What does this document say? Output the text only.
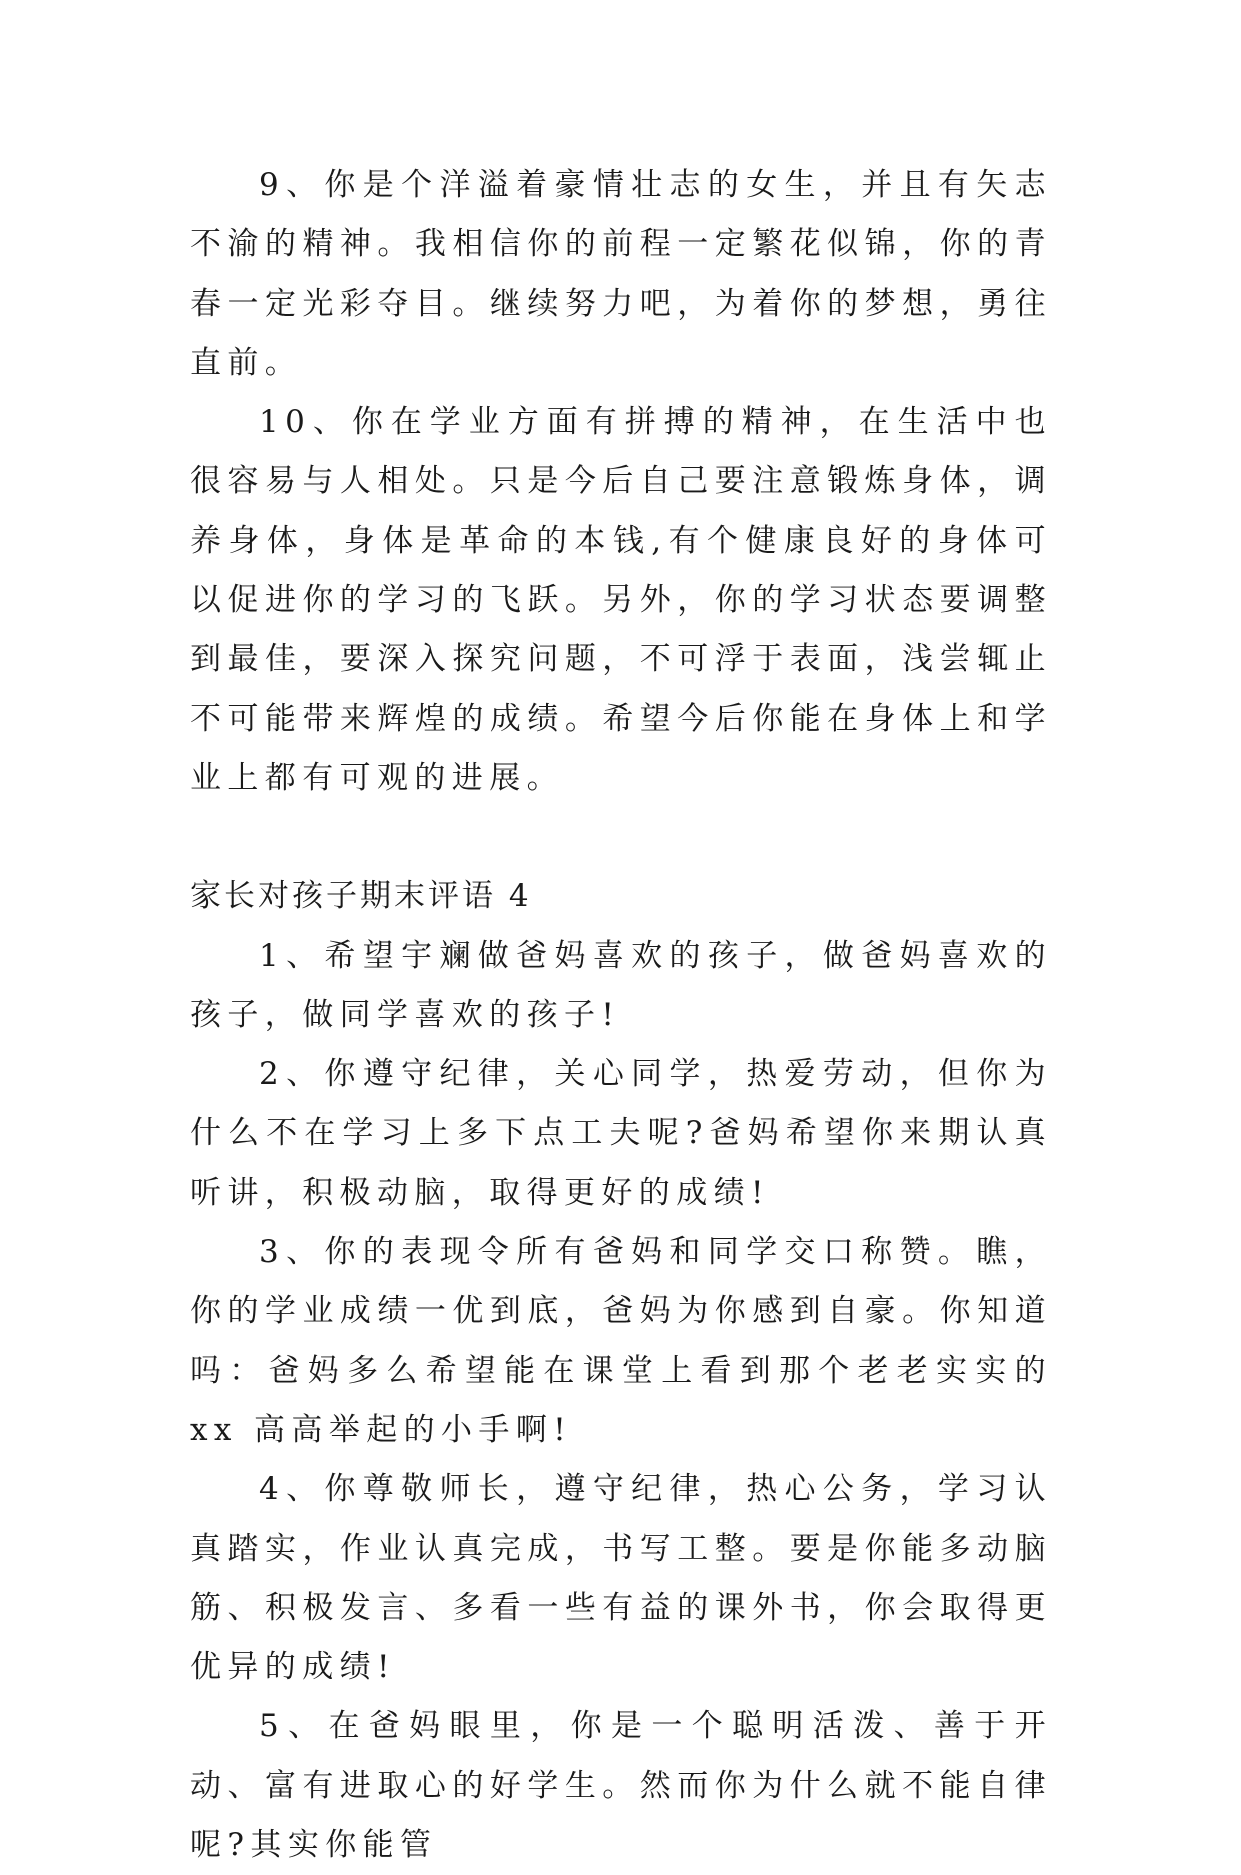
9、你是个洋溢着豪情壮志的女生，并且有矢志不渝的精神。我相信你的前程一定繁花似锦，你的青春一定光彩夺目。继续努力吧，为着你的梦想，勇往直前。

10、你在学业方面有拼搏的精神，在生活中也很容易与人相处。只是今后自己要注意锻炼身体，调养身体，身体是革命的本钱,有个健康良好的身体可以促进你的学习的飞跃。另外，你的学习状态要调整到最佳，要深入探究问题，不可浮于表面，浅尝辄止不可能带来辉煌的成绩。希望今后你能在身体上和学业上都有可观的进展。

家长对孩子期末评语 4

1、希望宇斓做爸妈喜欢的孩子，做爸妈喜欢的孩子，做同学喜欢的孩子!

2、你遵守纪律，关心同学，热爱劳动，但你为什么不在学习上多下点工夫呢?爸妈希望你来期认真听讲，积极动脑，取得更好的成绩!

3、你的表现令所有爸妈和同学交口称赞。瞧，你的学业成绩一优到底，爸妈为你感到自豪。你知道吗：爸妈多么希望能在课堂上看到那个老老实实的 xx 高高举起的小手啊!

4、你尊敬师长，遵守纪律，热心公务，学习认真踏实，作业认真完成，书写工整。要是你能多动脑筋、积极发言、多看一些有益的课外书，你会取得更优异的成绩!

5、在爸妈眼里，你是一个聪明活泼、善于开动、富有进取心的好学生。然而你为什么就不能自律呢?其实你能管
